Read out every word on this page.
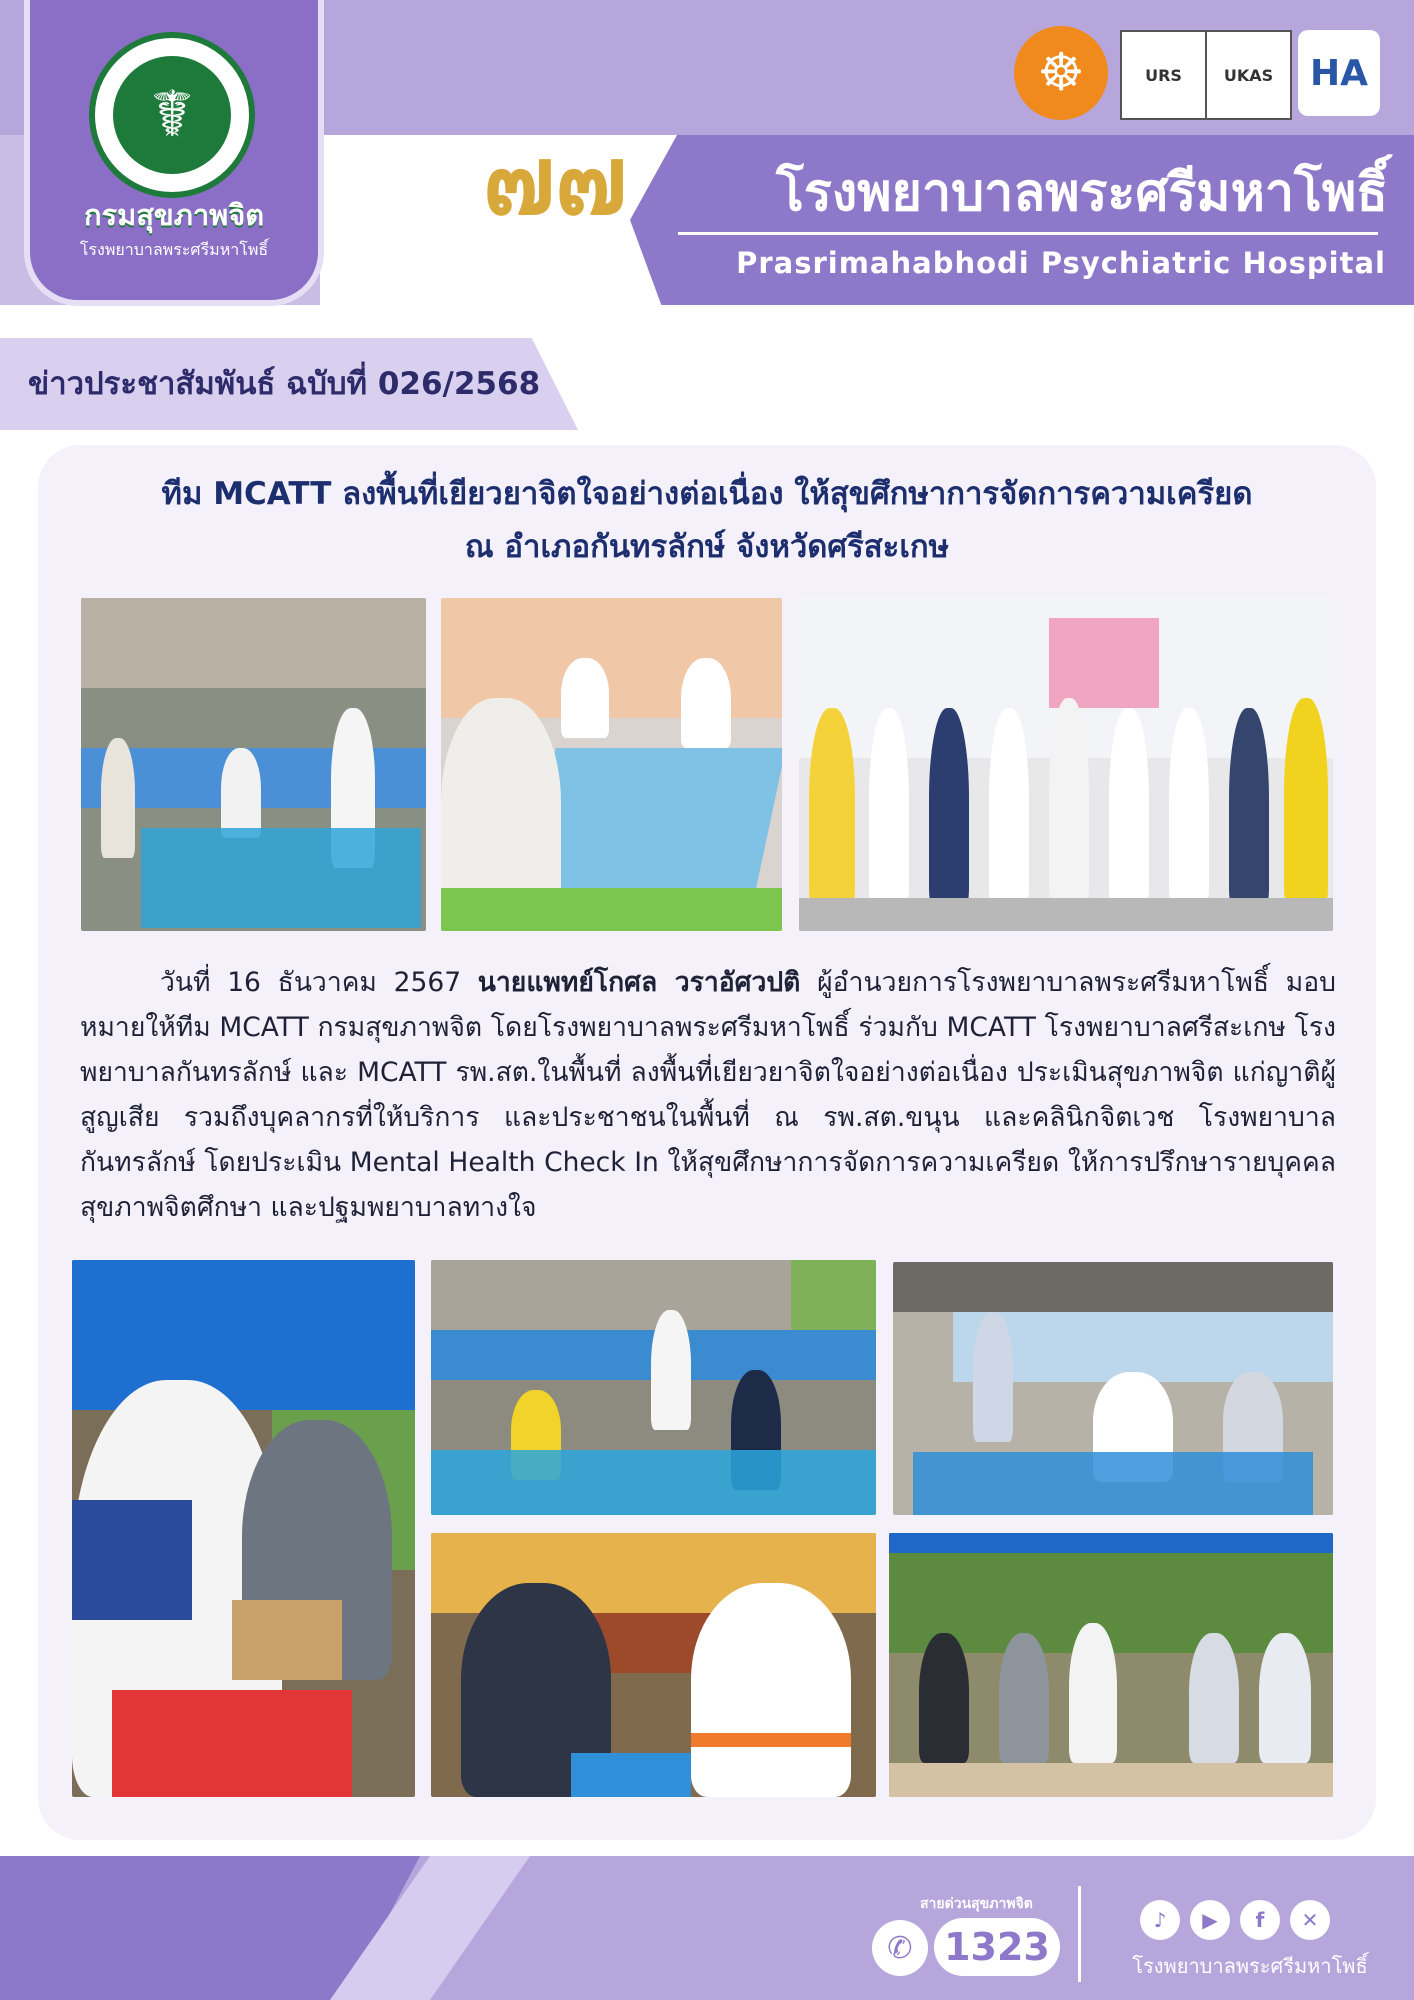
☤
กรมสุขภาพจิต
โรงพยาบาลพระศรีมหาโพธิ์
๗๗	โรงพยาบาลพระศรีมหาโพธิ์
Prasrimahabhodi Psychiatric Hospital
☸	URS	UKAS	HA
ข่าวประชาสัมพันธ์ ฉบับที่ 026/2568
ทีม MCATT ลงพื้นที่เยียวยาจิตใจอย่างต่อเนื่อง ให้สุขศึกษาการจัดการความเครียด
ณ อำเภอกันทรลักษ์ จังหวัดศรีสะเกษ
วันที่ 16 ธันวาคม 2567 นายแพทย์โกศล วราอัศวปติ ผู้อำนวยการโรงพยาบาลพระศรีมหาโพธิ์ มอบหมายให้ทีม MCATT กรมสุขภาพจิต โดยโรงพยาบาลพระศรีมหาโพธิ์ ร่วมกับ MCATT โรงพยาบาลศรีสะเกษ โรงพยาบาลกันทรลักษ์ และ MCATT รพ.สต.ในพื้นที่ ลงพื้นที่เยียวยาจิตใจอย่างต่อเนื่อง ประเมินสุขภาพจิต แก่ญาติผู้สูญเสีย รวมถึงบุคลากรที่ให้บริการ และประชาชนในพื้นที่ ณ รพ.สต.ขนุน และคลินิกจิตเวช โรงพยาบาลกันทรลักษ์ โดยประเมิน Mental Health Check In ให้สุขศึกษาการจัดการความเครียด ให้การปรึกษารายบุคคล สุขภาพจิตศึกษา และปฐมพยาบาลทางใจ
สายด่วนสุขภาพจิต
✆ 1323
♪	▶	f	✕
โรงพยาบาลพระศรีมหาโพธิ์
